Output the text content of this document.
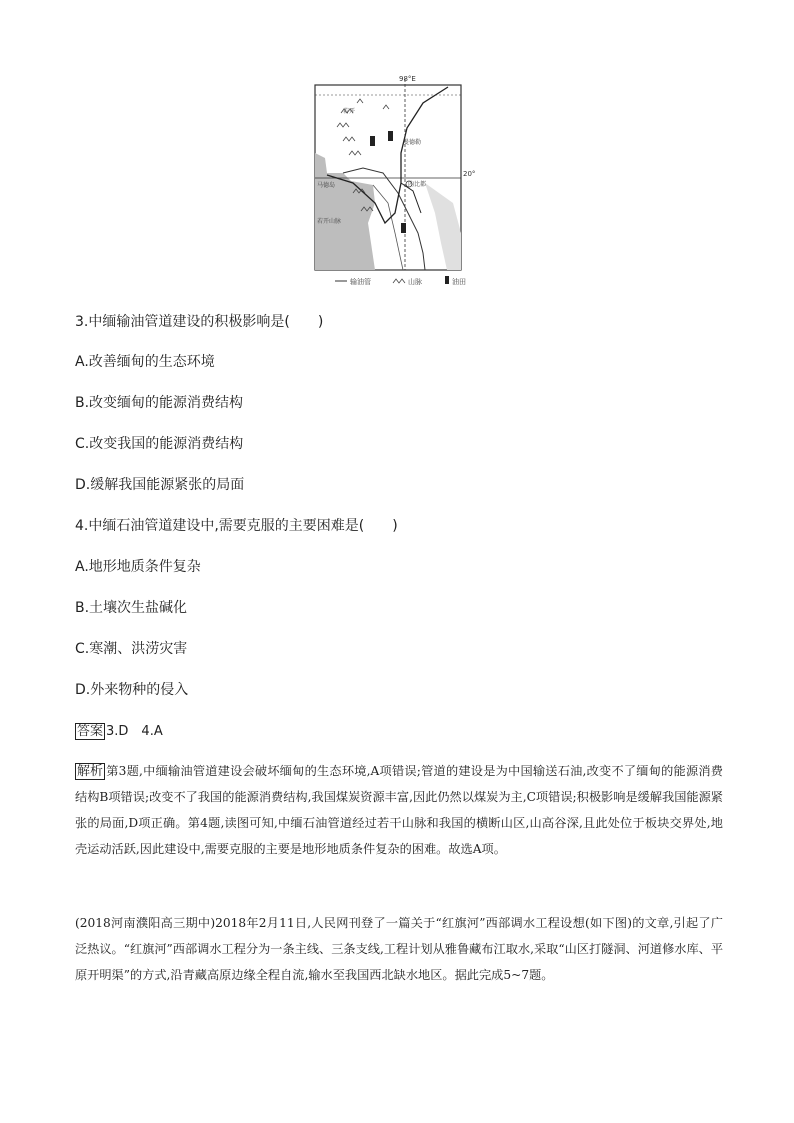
98°E
20°
若开
曼德勒
马德岛	内比都
若开山脉
输油管	山脉	油田
3.中缅输油管道建设的积极影响是(　　)
A.改善缅甸的生态环境
B.改变缅甸的能源消费结构
C.改变我国的能源消费结构
D.缓解我国能源紧张的局面
4.中缅石油管道建设中,需要克服的主要困难是(　　)
A.地形地质条件复杂
B.土壤次生盐碱化
C.寒潮、洪涝灾害
D.外来物种的侵入
答案 3.D　4.A
解析 第3题,中缅输油管道建设会破坏缅甸的生态环境,A项错误;管道的建设是为中国输送石油,改变不了缅甸的能源消费结构B项错误;改变不了我国的能源消费结构,我国煤炭资源丰富,因此仍然以煤炭为主,C项错误;积极影响是缓解我国能源紧张的局面,D项正确。第4题,读图可知,中缅石油管道经过若干山脉和我国的横断山区,山高谷深,且此处位于板块交界处,地壳运动活跃,因此建设中,需要克服的主要是地形地质条件复杂的困难。故选A项。
(2018河南濮阳高三期中)2018年2月11日,人民网刊登了一篇关于“红旗河”西部调水工程设想(如下图)的文章,引起了广泛热议。“红旗河”西部调水工程分为一条主线、三条支线,工程计划从雅鲁藏布江取水,采取“山区打隧洞、河道修水库、平原开明渠”的方式,沿青藏高原边缘全程自流,输水至我国西北缺水地区。据此完成5~7题。
